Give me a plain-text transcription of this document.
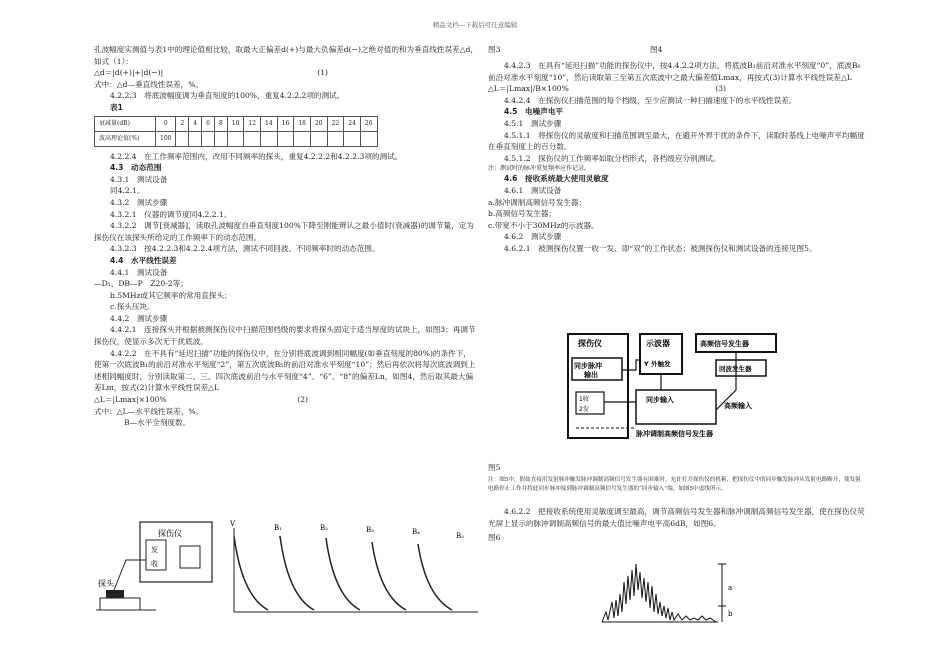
精品文档---下载后可任意编辑

孔波幅度实测值与表1中的理论值相比较，取最大正偏差d(+)与最大负偏差d(−)之绝对值的和为垂直线性误差△d，如式（1）：

△d＝|d(+)|+|d(−)|	(1)

式中：△d—垂直线性误差，%。

4.2.2.3　将底波幅度调为垂直刻度的100%，重复4.2.2.2项的测试。

表1

衰减量(dB)	0	2	4	6	8	10	12	14	16	18	20	22	24	26
波高理论值(%)	100													

4.2.2.4　在工作频率范围内，改用不同频率的探头，重复4.2.2.2和4.2.2.3项的测试。

4.3　动态范围

4.3.1　测试设备

同4.2.1。

4.3.2　测试步骤

4.3.2.1　仪器的调节度同4.2.2.1。

4.3.2.2　调节[衰减器]，读取孔波幅度自垂直刻度100%下降至刚能辨认之最小值时(衰减器)的调节量，定为探伤仪在该探头所给定的工作频率下的动态范围。

4.3.2.3　按4.2.2.3和4.2.2.4项方法，测试不同回波、不同频率时的动态范围。

4.4　水平线性误差

4.4.1　测试设备

—D₁、DB—P　Z20-2等；

b.5MHz或其它频率的常用直探头；

c.探头压块。

4.4.2　测试步骤

4.4.2.1　连接探头并根据被测探伤仪中扫描范围档级的要求将探头固定于适当厚度的试块上，如图3；再调节探伤仪，使显示多次无干扰底波。

4.4.2.2　在不具有“延迟扫描”功能的探伤仪中，在分别将底波调到相同幅度(如垂直刻度的80%)的条件下，使第一次底波B₁的前沿对准水平刻度“2”，第五次底波B₅的前沿对准水平刻度“10”；然后再依次将每次底波调到上述相同幅度时，分别读取第二、三、四次底波前沿与水平刻度“4”、“6”、“8”的偏差Ln，如图4，然后取其最大偏差Lm，按式(2)计算水平线性误差△L

△L＝|Lmax|×100%	(2)

式中：△L—水平线性误差，%。

B—水平全刻度数。

探伤仪
发
收
探头
V	B₁	B₂	B₃	B₄	B₅

4.4.2.3　在具有“延迟扫描”功能的探伤仪中，按4.4.2.2项方法，将底波B₁前沿对准水平刻度“0”，底波B₆前沿对准水平刻度“10”，然后读取第三至第五次底波中之最大偏差值Lmax，再按式(3)计算水平线性误差△L

△L＝|Lmax|/B×100%	(3)

4.4.2.4　在探伤仪扫描范围的每个档级，至少应测试一种扫描速度下的水平线性误差。

4.5　电噪声电平

4.5.1　测试步骤

4.5.1.1　将探伤仪的灵敏度和扫描范围调至最大，在避开外界干扰的条件下，读取时基线上电噪声平均幅度在垂直刻度上的百分数。

4.5.1.2　探伤仪的工作频率如取分档形式，各档级应分别测试。

注：测试时的脉冲重复频率应作记录。

4.6　接收系统最大使用灵敏度

4.6.1　测试设备

a.脉冲调制高频信号发生器；

b.高频信号发生器；

c.带宽不小于30MHz的示波器。

4.6.2　测试步骤

4.6.2.1　被测探伤仪置一收一发、即“双”的工作状态；被测探伤仪和测试设备的连接见图5。

图3	图4
探伤仪
同步脉冲
输出
1收
2发
示波器
Y 外触发
高频信号发生器
回波发生器
同步输入
高频输入
脉冲调制高频信号发生器
图5
注：图5中，假如直接用发射脉冲触发脉冲调制高频信号发生器有困难时，允许打开探伤仪的机箱，把探伤仪中的同步触发脉冲从发射电路断开，使发射电路停止工作并将此同步脉冲接到脉冲调制高频信号发生器的“同步输入”端，如图5中虚线所示。
4.6.2.2　把接收系统使用灵敏度调至最高，调节高频信号发生器和脉冲调制高频信号发生器，使在探伤仪荧光屏上显示的脉冲调制高频信号的最大值比噪声电平高6dB，如图6。
图6
a
b
